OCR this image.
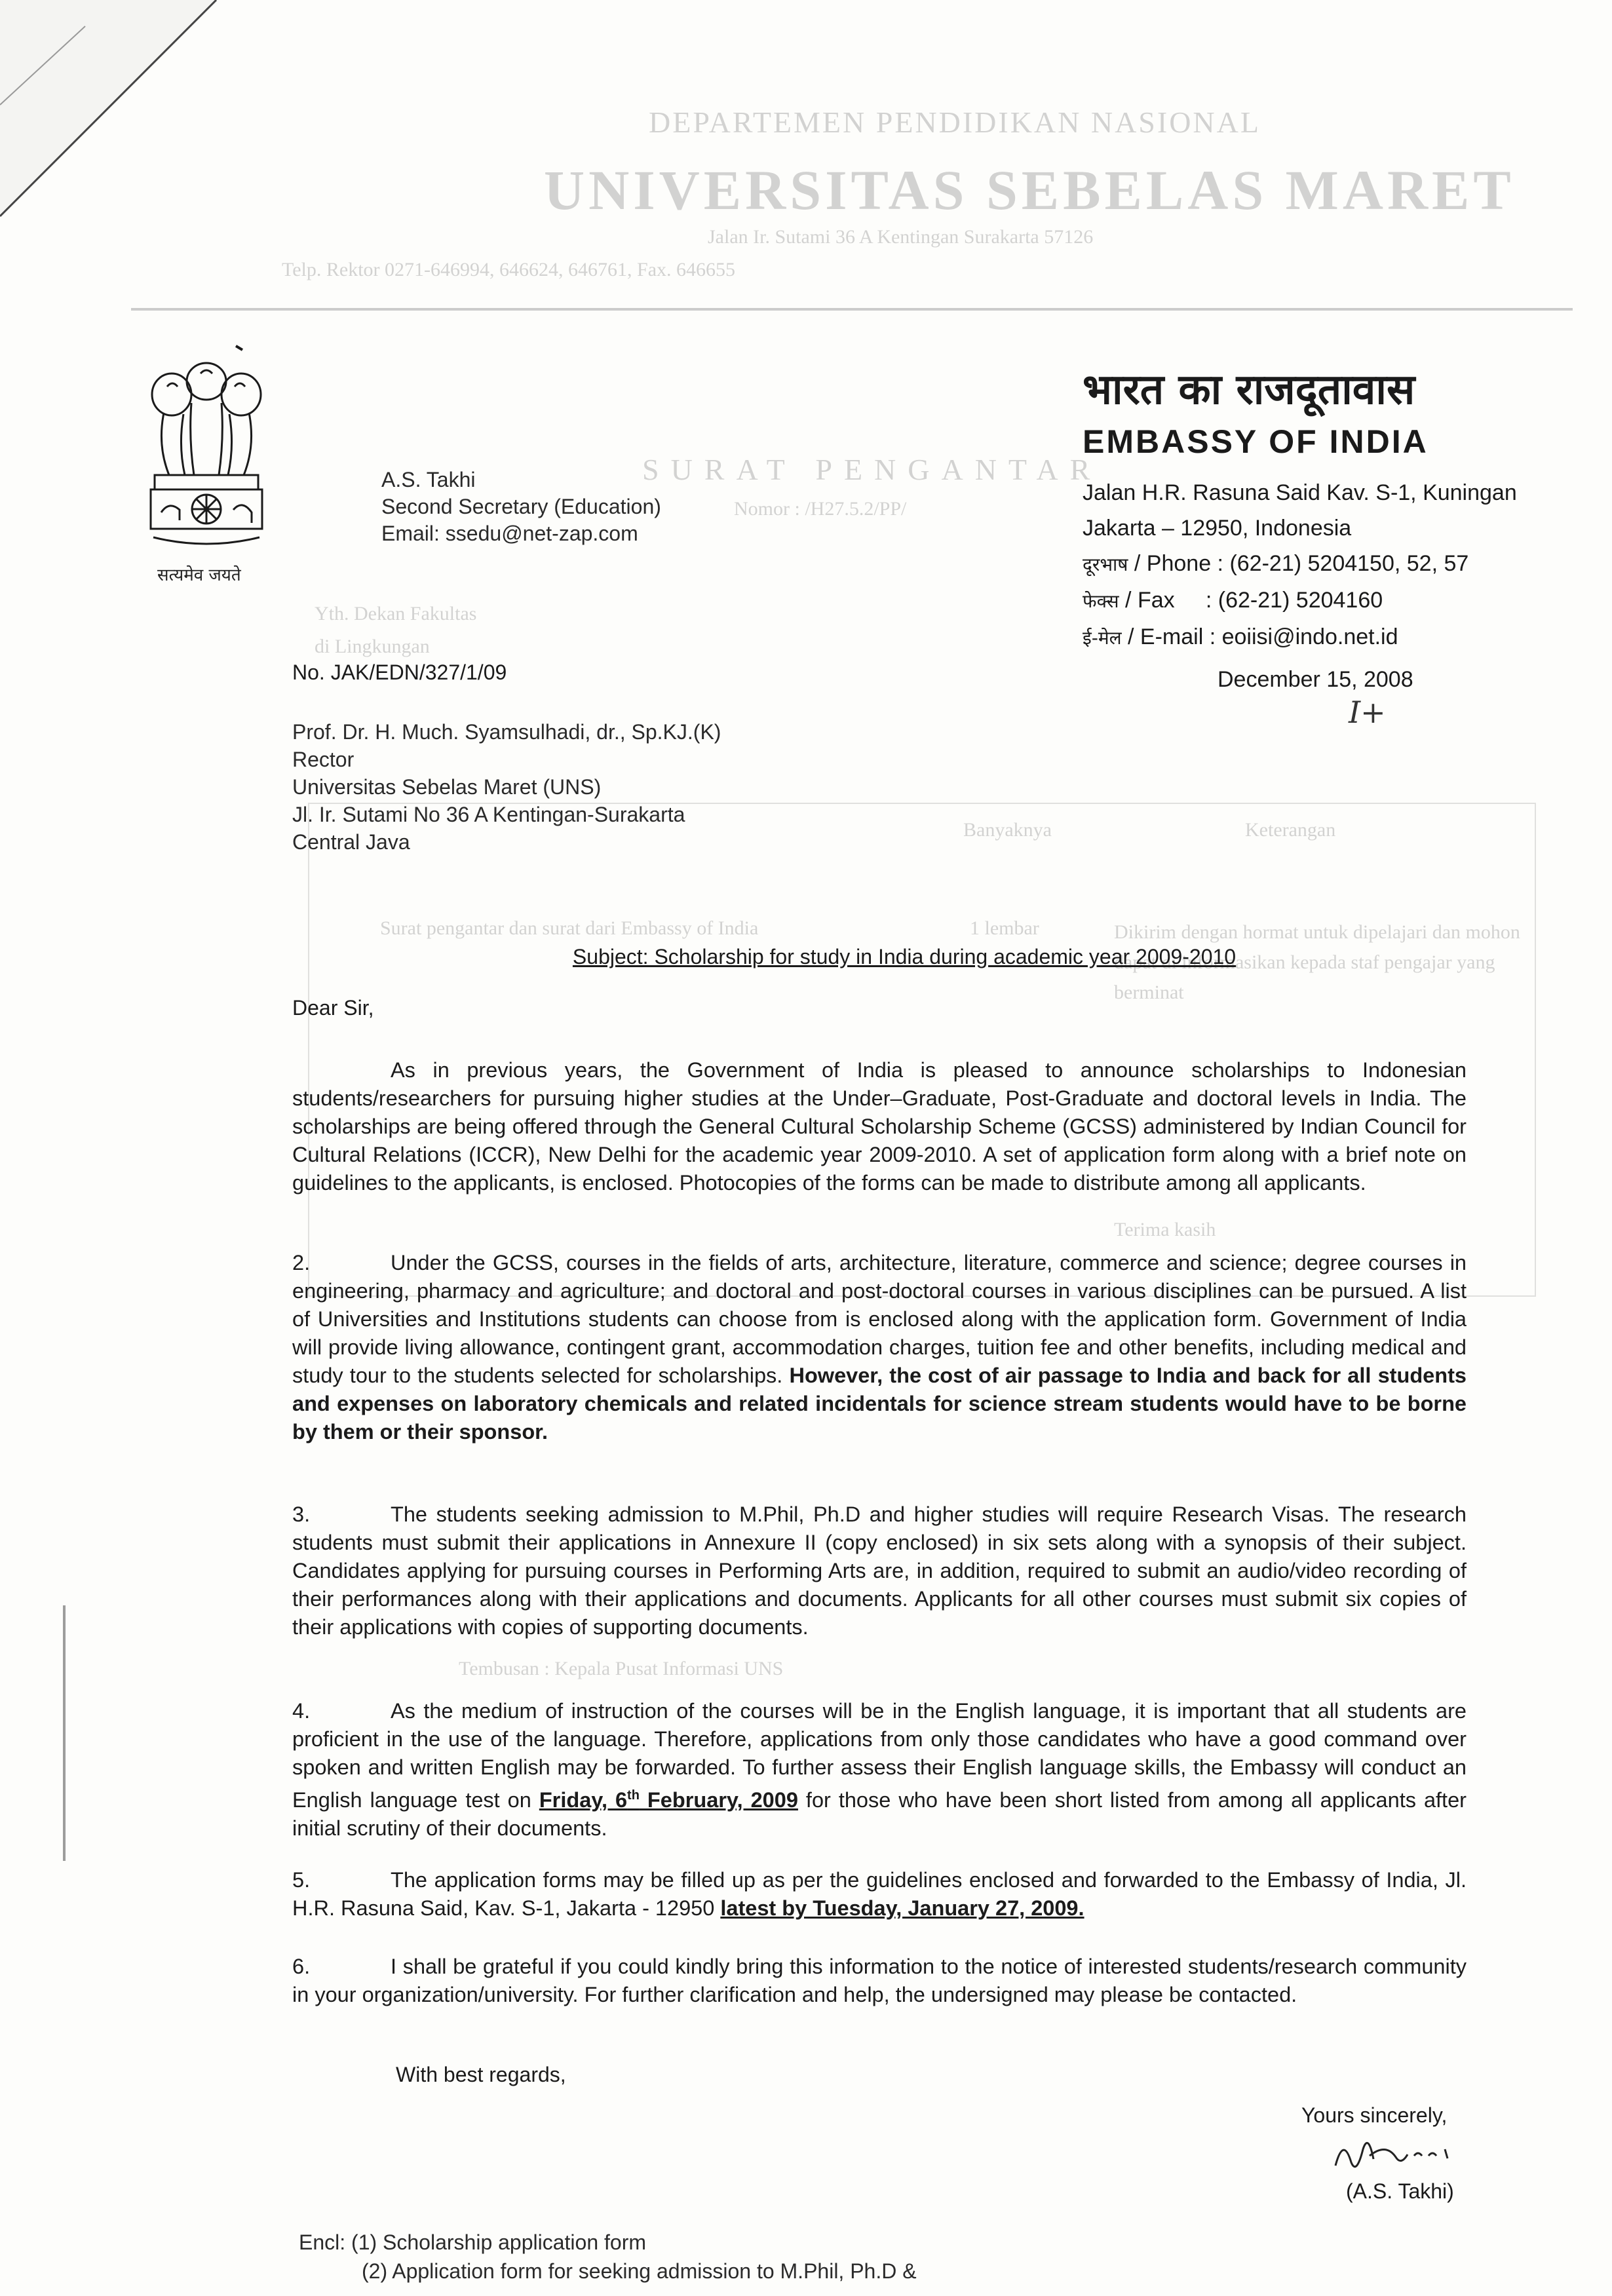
DEPARTEMEN PENDIDIKAN NASIONAL
UNIVERSITAS SEBELAS MARET
Jalan Ir. Sutami 36 A Kentingan Surakarta 57126
Telp. Rektor 0271-646994, 646624, 646761, Fax. 646655
SURAT PENGANTAR
Nomor : /H27.5.2/PP/
Yth. Dekan Fakultas
di Lingkungan
Banyaknya	Keterangan
Surat pengantar dan surat dari Embassy of India	1 lembar	Dikirim dengan hormat untuk dipelajari dan mohon dapat di informasikan kepada staf pengajar yang berminat
Terima kasih
Tembusan : Kepala Pusat Informasi UNS
सत्यमेव जयते
A.S. Takhi
Second Secretary (Education)
Email: ssedu@net-zap.com
भारत का राजदूतावास
EMBASSY OF INDIA
Jalan H.R. Rasuna Said Kav. S-1, Kuningan
Jakarta – 12950, Indonesia
दूरभाष / Phone : (62-21) 5204150, 52, 57
फेक्स / Fax     : (62-21) 5204160
ई-मेल / E-mail : eoiisi@indo.net.id
No. JAK/EDN/327/1/09	December 15, 2008
I+
Prof. Dr. H. Much. Syamsulhadi, dr., Sp.KJ.(K)
Rector
Universitas Sebelas Maret (UNS)
Jl. Ir. Sutami No 36 A Kentingan-Surakarta
Central Java
Subject: Scholarship for study in India during academic year 2009-2010
Dear Sir,

As in previous years, the Government of India is pleased to announce scholarships to Indonesian students/researchers for pursuing higher studies at the Under–Graduate, Post-Graduate and doctoral levels in India. The scholarships are being offered through the General Cultural Scholarship Scheme (GCSS) administered by Indian Council for Cultural Relations (ICCR), New Delhi for the academic year 2009-2010. A set of application form along with a brief note on guidelines to the applicants, is enclosed. Photocopies of the forms can be made to distribute among all applicants.

2.	Under the GCSS, courses in the fields of arts, architecture, literature, commerce and science; degree courses in engineering, pharmacy and agriculture; and doctoral and post-doctoral courses in various disciplines can be pursued. A list of Universities and Institutions students can choose from is enclosed along with the application form. Government of India will provide living allowance, contingent grant, accommodation charges, tuition fee and other benefits, including medical and study tour to the students selected for scholarships. However, the cost of air passage to India and back for all students and expenses on laboratory chemicals and related incidentals for science stream students would have to be borne by them or their sponsor.

3.	The students seeking admission to M.Phil, Ph.D and higher studies will require Research Visas. The research students must submit their applications in Annexure II (copy enclosed) in six sets along with a synopsis of their subject. Candidates applying for pursuing courses in Performing Arts are, in addition, required to submit an audio/video recording of their performances along with their applications and documents. Applicants for all other courses must submit six copies of their applications with copies of supporting documents.

4.	As the medium of instruction of the courses will be in the English language, it is important that all students are proficient in the use of the language. Therefore, applications from only those candidates who have a good command over spoken and written English may be forwarded. To further assess their English language skills, the Embassy will conduct an English language test on Friday, 6th February, 2009 for those who have been short listed from among all applicants after initial scrutiny of their documents.

5.	The application forms may be filled up as per the guidelines enclosed and forwarded to the Embassy of India, Jl. H.R. Rasuna Said, Kav. S-1, Jakarta - 12950 latest by Tuesday, January 27, 2009.

6.	I shall be grateful if you could kindly bring this information to the notice of interested students/research community in your organization/university. For further clarification and help, the undersigned may please be contacted.

With best regards,
Yours sincerely,
(A.S. Takhi)
Encl: (1) Scholarship application form
(2) Application form for seeking admission to M.Phil, Ph.D &
